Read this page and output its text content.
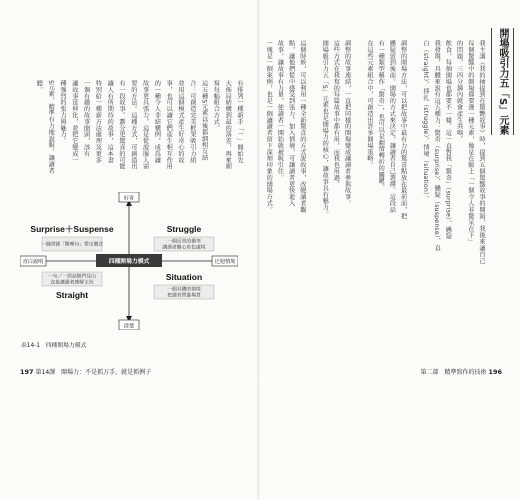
有排列一種新手「一」開始先
大佈局結構到最的落差，再來細
寫每幅組合方式。
這五種S元素以後都細相互結
合：可創造完美框架吸引力組
並用這個模式產生好奇心的故
事，也可以讓它們產生相互作用
的一種令人非結構例，成爲讓
故事更具張力。這是從說服人需
要的方法。這種方式，可創造出
有一段故事。劃分更驚喜的可能
讓人有所期待的故事，這本書
特別給一種新方法處理及更多
一個有趣的故事開頭，該有
讓故事延伸化，並把它變成一
種強烈的張力與魅力。
5元素，精準有力地說服，讓讀者
聽。
好奇
清楚
直白說明	迂迴情境
四種開場力模式
Surprise＋Suspense
一個問號「驚嘆句」帶出懸念
Struggle
一個反常的衝突
讓讀者關心角色處境
一句／一段話開門見山
直接讓讀者理解主旨
Straight
Situation
一個具體的情境
把讀者帶進場景
表14-1　四種開場力模式
197 第14課　開場力：不是抓万手，就是抓例子
開場吸引力五「S」元素
我主講《我的抽提到在驚艷故事》時，提到五個驚豔故事的開頭，我後來讓自己
每個驚豔中的開場都要選一種元素，像是在臉上「一個令人非驚呆在下」
的問題，三四分鐘內就會產生共鳴。
飲食，每個開場也都要不一樣。這一直對我「驚奇」（surprise）、懸疑
我發現，具體來說有這五種力：驚奇（surprise）、懸疑（suspense）、直
白（straight）、掙扎（struggle）、情境（situation）。
調整的開場方法，可以把故事中最有力的驚喜點放在最前面，把
懸疑留到後面。開場的方式來決定，讓讀者自己選擇。這段話
有一種類型稱作「驚奇」，也可以是劇情轉折的關鍵。
在這些元素組合中，可創造出許多開場策略。
調整的故事連結，一直把同樣的開場變成讓讀者參與故事，
這些方式在我寫的每篇故事中都有用，而我也用過。
開場吸引力五「S」元素也是開場力的核心，讓故事具有魅力。
這個時候，可以利用一種全新驚喜的方式說故事，改變讀者觀
點，讓他們從中感受到張力。加入情境，可讓讀者更快進入
故事，讓故事有力量，使讀者一開始就被吸引住。
一塊是一個案例，也是一個讓讀者留下深刻印象的開場方式。
第二部　精準寫作的技術 196
